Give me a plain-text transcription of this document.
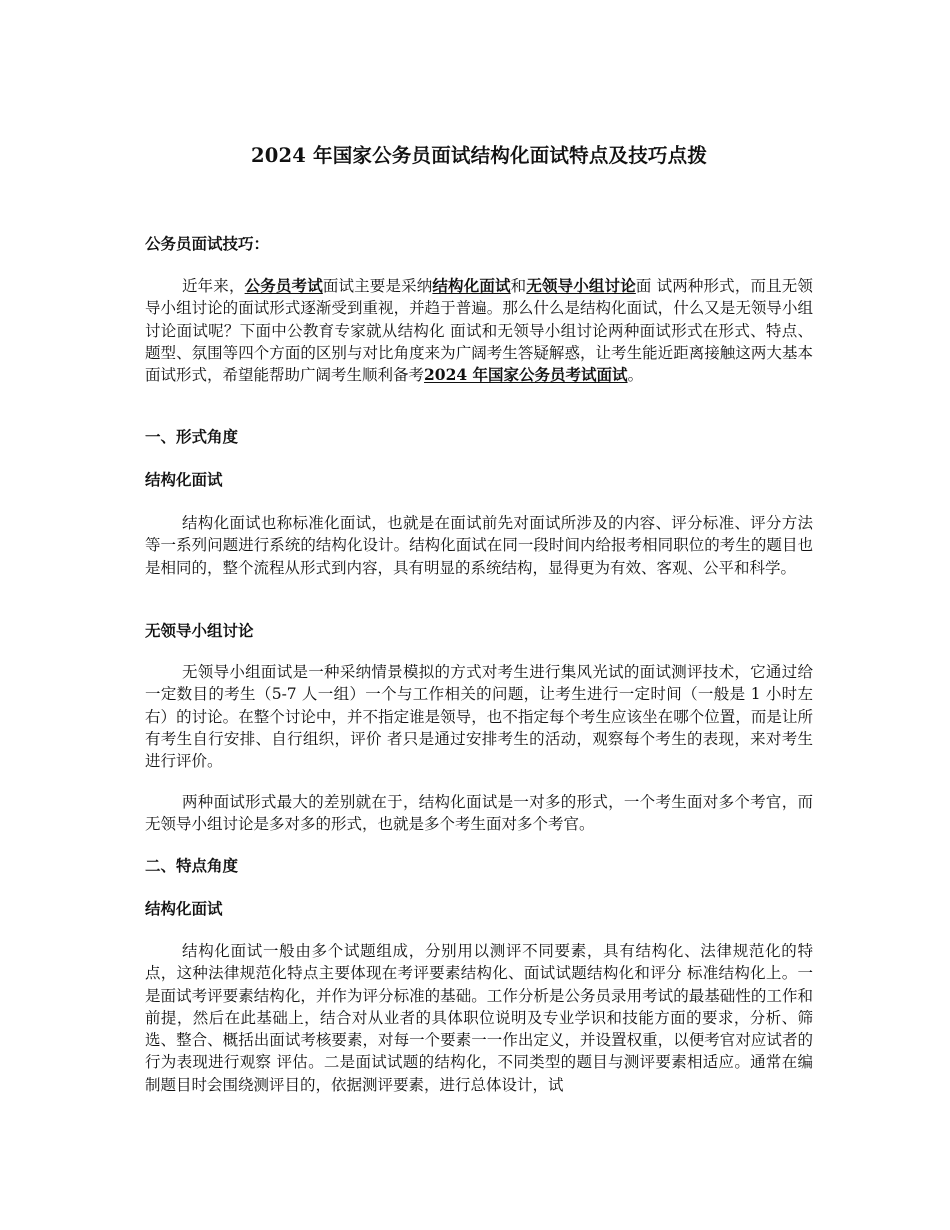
2024 年国家公务员面试结构化面试特点及技巧点拨
公务员面试技巧：
近年来，公务员考试面试主要是采纳结构化面试和无领导小组讨论面 试两种形式，而且无领导小组讨论的面试形式逐渐受到重视，并趋于普遍。那么什么是结构化面试，什么又是无领导小组讨论面试呢？下面中公教育专家就从结构化 面试和无领导小组讨论两种面试形式在形式、特点、题型、氛围等四个方面的区别与对比角度来为广阔考生答疑解惑，让考生能近距离接触这两大基本面试形式，希望能帮助广阔考生顺利备考2024 年国家公务员考试面试。
一、形式角度
结构化面试
结构化面试也称标准化面试，也就是在面试前先对面试所涉及的内容、评分标准、评分方法等一系列问题进行系统的结构化设计。结构化面试在同一段时间内给报考相同职位的考生的题目也是相同的，整个流程从形式到内容，具有明显的系统结构，显得更为有效、客观、公平和科学。
无领导小组讨论
无领导小组面试是一种采纳情景模拟的方式对考生进行集风光试的面试测评技术，它通过给一定数目的考生（5-7 人一组）一个与工作相关的问题，让考生进行一定时间（一般是 1 小时左右）的讨论。在整个讨论中，并不指定谁是领导，也不指定每个考生应该坐在哪个位置，而是让所有考生自行安排、自行组织，评价 者只是通过安排考生的活动，观察每个考生的表现，来对考生进行评价。
两种面试形式最大的差别就在于，结构化面试是一对多的形式，一个考生面对多个考官，而无领导小组讨论是多对多的形式，也就是多个考生面对多个考官。
二、特点角度
结构化面试
结构化面试一般由多个试题组成，分别用以测评不同要素，具有结构化、法律规范化的特点，这种法律规范化特点主要体现在考评要素结构化、面试试题结构化和评分 标准结构化上。一是面试考评要素结构化，并作为评分标准的基础。工作分析是公务员录用考试的最基础性的工作和前提，然后在此基础上，结合对从业者的具体职位说明及专业学识和技能方面的要求，分析、筛选、整合、概括出面试考核要素，对每一个要素一一作出定义，并设置权重，以便考官对应试者的行为表现进行观察 评估。二是面试试题的结构化，不同类型的题目与测评要素相适应。通常在编制题目时会围绕测评目的，依据测评要素，进行总体设计，试
